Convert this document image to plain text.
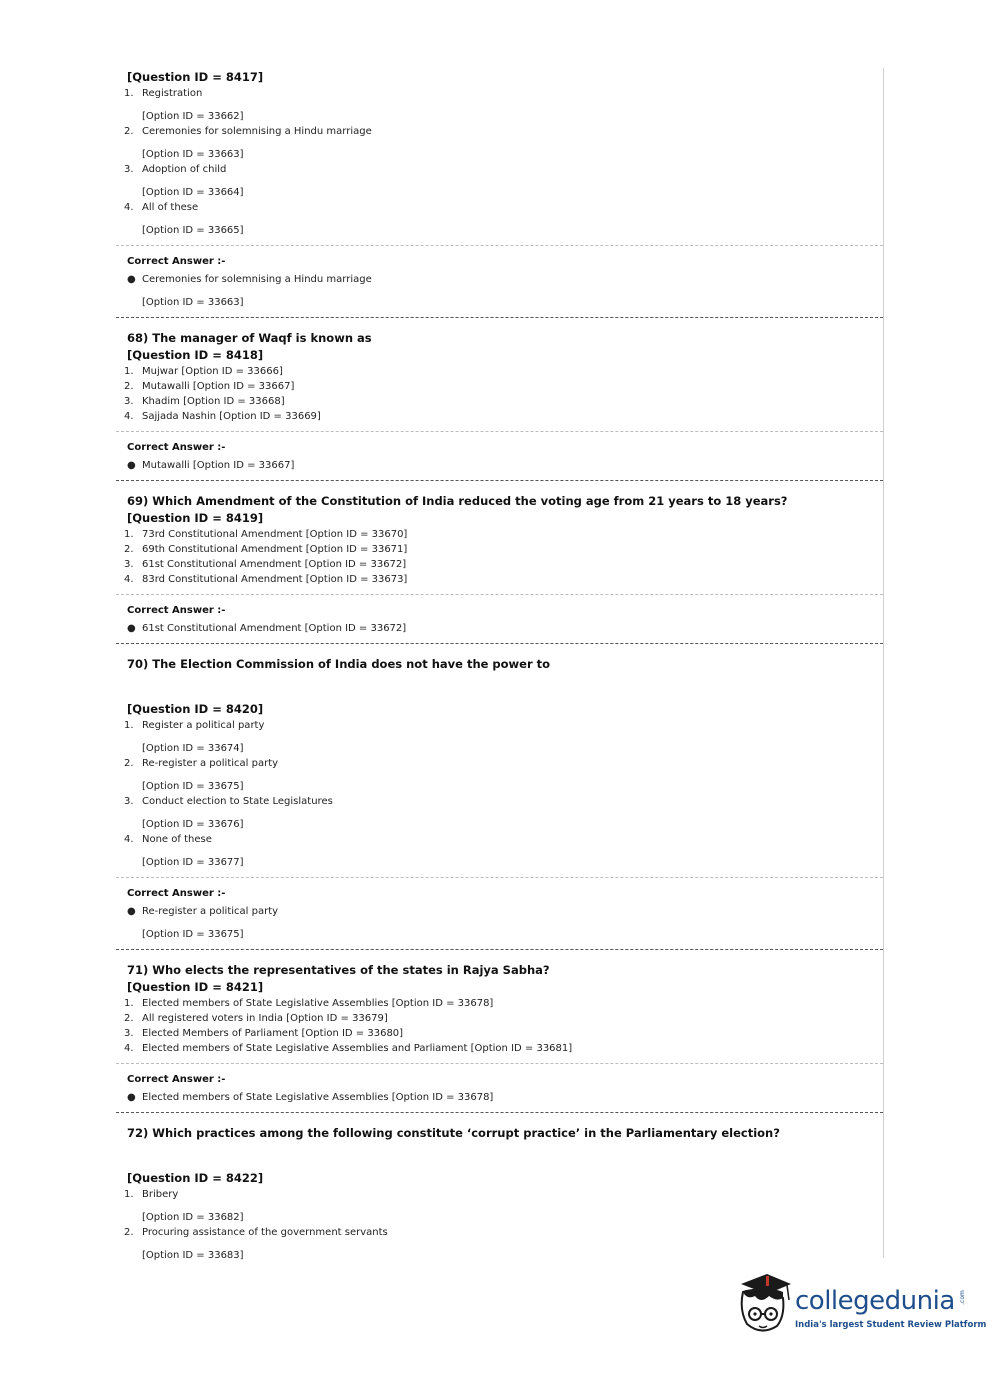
[Question ID = 8417]
1. Registration
[Option ID = 33662]
2. Ceremonies for solemnising a Hindu marriage
[Option ID = 33663]
3. Adoption of child
[Option ID = 33664]
4. All of these
[Option ID = 33665]
Correct Answer :-
● Ceremonies for solemnising a Hindu marriage
[Option ID = 33663]
68) The manager of Waqf is known as
[Question ID = 8418]
1. Mujwar [Option ID = 33666]
2. Mutawalli [Option ID = 33667]
3. Khadim [Option ID = 33668]
4. Sajjada Nashin [Option ID = 33669]
Correct Answer :-
● Mutawalli [Option ID = 33667]
69) Which Amendment of the Constitution of India reduced the voting age from 21 years to 18 years?
[Question ID = 8419]
1. 73rd Constitutional Amendment [Option ID = 33670]
2. 69th Constitutional Amendment [Option ID = 33671]
3. 61st Constitutional Amendment [Option ID = 33672]
4. 83rd Constitutional Amendment [Option ID = 33673]
Correct Answer :-
● 61st Constitutional Amendment [Option ID = 33672]
70) The Election Commission of India does not have the power to
[Question ID = 8420]
1. Register a political party
[Option ID = 33674]
2. Re-register a political party
[Option ID = 33675]
3. Conduct election to State Legislatures
[Option ID = 33676]
4. None of these
[Option ID = 33677]
Correct Answer :-
● Re-register a political party
[Option ID = 33675]
71) Who elects the representatives of the states in Rajya Sabha?
[Question ID = 8421]
1. Elected members of State Legislative Assemblies [Option ID = 33678]
2. All registered voters in India [Option ID = 33679]
3. Elected Members of Parliament [Option ID = 33680]
4. Elected members of State Legislative Assemblies and Parliament [Option ID = 33681]
Correct Answer :-
● Elected members of State Legislative Assemblies [Option ID = 33678]
72) Which practices among the following constitute ‘corrupt practice’ in the Parliamentary election?
[Question ID = 8422]
1. Bribery
[Option ID = 33682]
2. Procuring assistance of the government servants
[Option ID = 33683]
collegedunia .com
India's largest Student Review Platform
